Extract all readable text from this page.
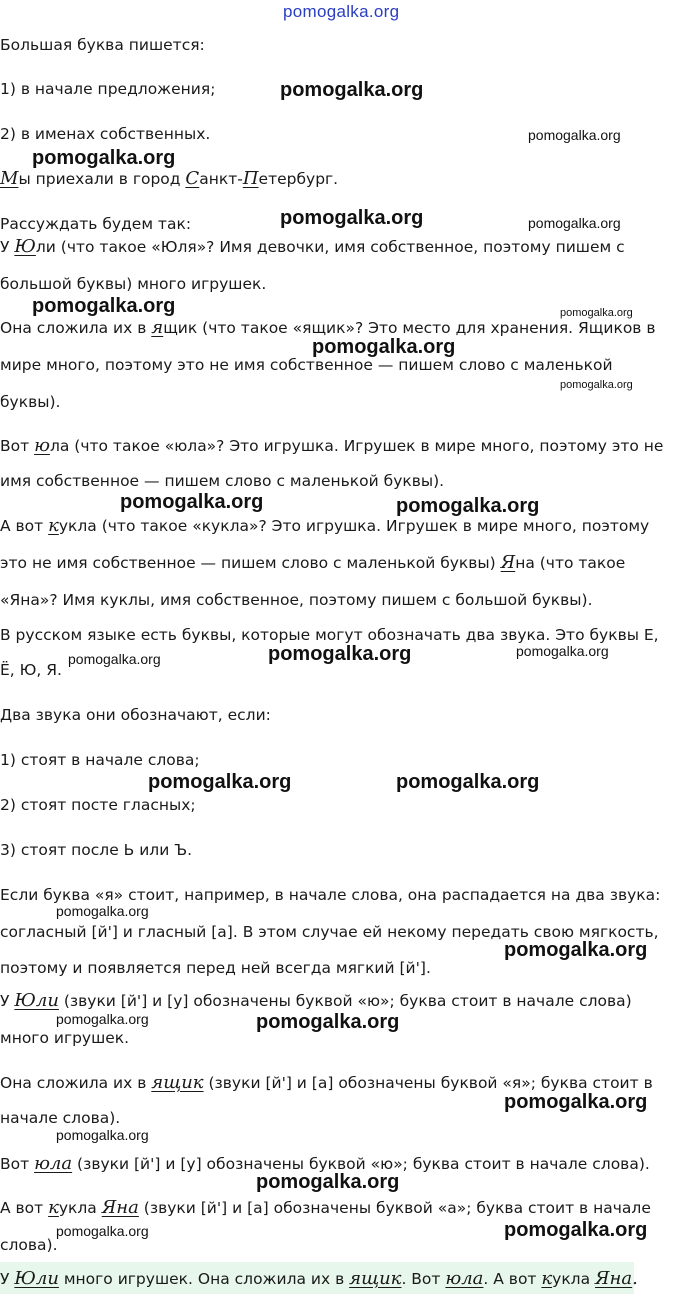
pomogalka.org
Большая буква пишется:
1) в начале предложения;
2) в именах собственных.
Мы приехали в город Санкт-Петербург.
Рассуждать будем так:
У Юли (что такое «Юля»? Имя девочки, имя собственное, поэтому пишем с
большой буквы) много игрушек.
Она сложила их в ящик (что такое «ящик»? Это место для хранения. Ящиков в
мире много, поэтому это не имя собственное — пишем слово с маленькой
буквы).
Вот юла (что такое «юла»? Это игрушка. Игрушек в мире много, поэтому это не
имя собственное — пишем слово с маленькой буквы).
А вот кукла (что такое «кукла»? Это игрушка. Игрушек в мире много, поэтому
это не имя собственное — пишем слово с маленькой буквы) Яна (что такое
«Яна»? Имя куклы, имя собственное, поэтому пишем с большой буквы).
В русском языке есть буквы, которые могут обозначать два звука. Это буквы Е,
Ё, Ю, Я.
Два звука они обозначают, если:
1) стоят в начале слова;
2) стоят посте гласных;
3) стоят после Ь или Ъ.
Если буква «я» стоит, например, в начале слова, она распадается на два звука:
согласный [й'] и гласный [а]. В этом случае ей некому передать свою мягкость,
поэтому и появляется перед ней всегда мягкий [й'].
У Юли (звуки [й'] и [у] обозначены буквой «ю»; буква стоит в начале слова)
много игрушек.
Она сложила их в ящик (звуки [й'] и [а] обозначены буквой «я»; буква стоит в
начале слова).
Вот юла (звуки [й'] и [у] обозначены буквой «ю»; буква стоит в начале слова).
А вот кукла Яна (звуки [й'] и [а] обозначены буквой «а»; буква стоит в начале
слова).
У Юли много игрушек. Она сложила их в ящик. Вот юла. А вот кукла Яна.
pomogalka.org
pomogalka.org
pomogalka.org
pomogalka.org	pomogalka.org
pomogalka.org	pomogalka.org
pomogalka.org
pomogalka.org
pomogalka.org	pomogalka.org
pomogalka.org	pomogalka.org	pomogalka.org
pomogalka.org	pomogalka.org
pomogalka.org
pomogalka.org
pomogalka.org	pomogalka.org
pomogalka.org
pomogalka.org
pomogalka.org
pomogalka.org	pomogalka.org
